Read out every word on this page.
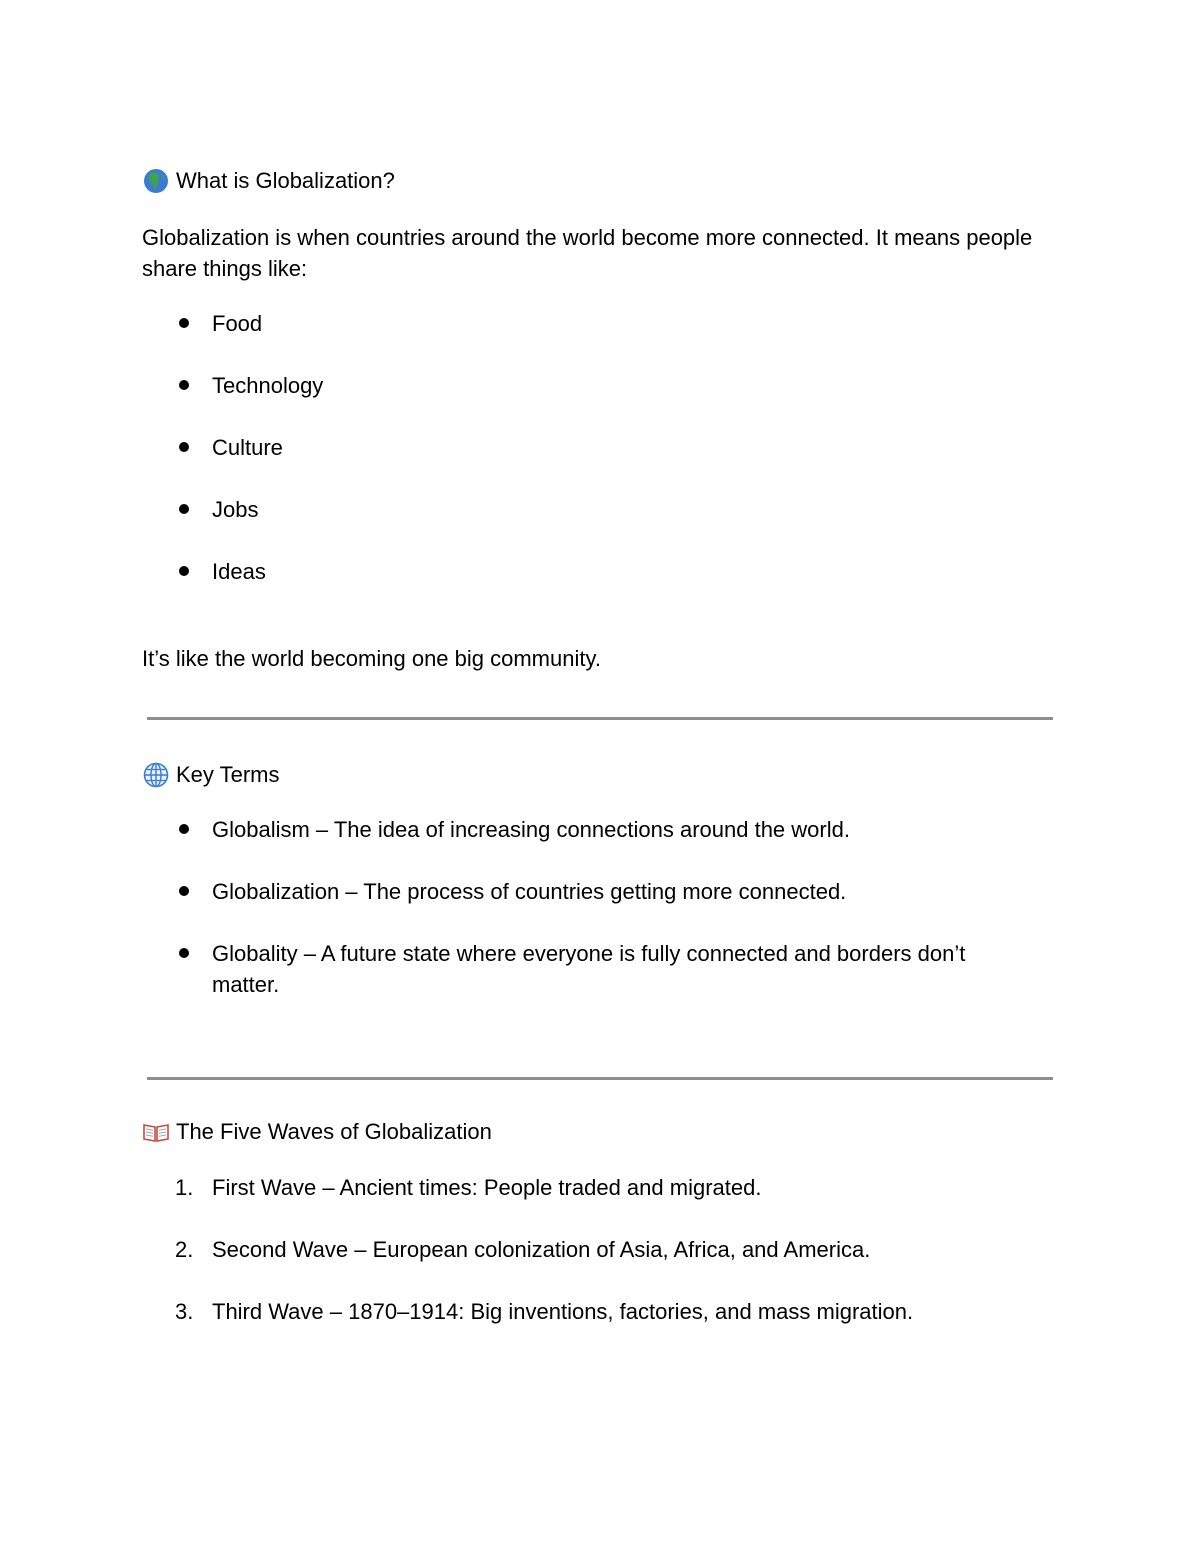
What is Globalization?
Globalization is when countries around the world become more connected. It means people share things like:
Food
Technology
Culture
Jobs
Ideas
It’s like the world becoming one big community.
Key Terms
Globalism – The idea of increasing connections around the world.
Globalization – The process of countries getting more connected.
Globality – A future state where everyone is fully connected and borders don’t matter.
The Five Waves of Globalization
1. First Wave – Ancient times: People traded and migrated.
2. Second Wave – European colonization of Asia, Africa, and America.
3. Third Wave – 1870–1914: Big inventions, factories, and mass migration.
